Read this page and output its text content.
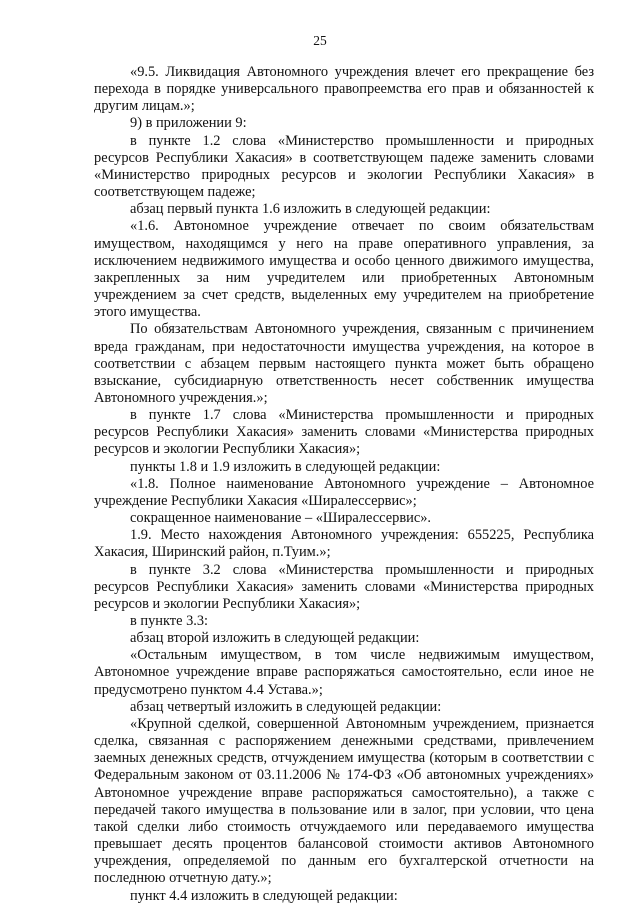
25

«9.5. Ликвидация Автономного учреждения влечет его прекращение без перехода в порядке универсального правопреемства его прав и обязанностей к другим лицам.»;

9) в приложении 9:

в пункте 1.2 слова «Министерство промышленности и природных ресурсов Республики Хакасия» в соответствующем падеже заменить словами «Министерство природных ресурсов и экологии Республики Хакасия» в соответствующем падеже;

абзац первый пункта 1.6 изложить в следующей редакции:

«1.6. Автономное учреждение отвечает по своим обязательствам имуществом, находящимся у него на праве оперативного управления, за исключением недвижимого имущества и особо ценного движимого имущества, закрепленных за ним учредителем или приобретенных Автономным учреждением за счет средств, выделенных ему учредителем на приобретение этого имущества.

По обязательствам Автономного учреждения, связанным с причинением вреда гражданам, при недостаточности имущества учреждения, на которое в соответствии с абзацем первым настоящего пункта может быть обращено взыскание, субсидиарную ответственность несет собственник имущества Автономного учреждения.»;

в пункте 1.7 слова «Министерства промышленности и природных ресурсов Республики Хакасия» заменить словами «Министерства природных ресурсов и экологии Республики Хакасия»;

пункты 1.8 и 1.9 изложить в следующей редакции:

«1.8. Полное наименование Автономного учреждение – Автономное учреждение Республики Хакасия «Ширалессервис»;

сокращенное наименование – «Ширалессервис».

1.9. Место нахождения Автономного учреждения: 655225, Республика Хакасия, Ширинский район, п.Туим.»;

в пункте 3.2 слова «Министерства промышленности и природных ресурсов Республики Хакасия» заменить словами «Министерства природных ресурсов и экологии Республики Хакасия»;

в пункте 3.3:

абзац второй изложить в следующей редакции:

«Остальным имуществом, в том числе недвижимым имуществом, Автономное учреждение вправе распоряжаться самостоятельно, если иное не предусмотрено пунктом 4.4 Устава.»;

абзац четвертый изложить в следующей редакции:

«Крупной сделкой, совершенной Автономным учреждением, признается сделка, связанная с распоряжением денежными средствами, привлечением заемных денежных средств, отчуждением имущества (которым в соответствии с Федеральным законом от 03.11.2006 № 174-ФЗ «Об автономных учреждениях» Автономное учреждение вправе распоряжаться самостоятельно), а также с передачей такого имущества в пользование или в залог, при условии, что цена такой сделки либо стоимость отчуждаемого или передаваемого имущества превышает десять процентов балансовой стоимости активов Автономного учреждения, определяемой по данным его бухгалтерской отчетности на последнюю отчетную дату.»;

пункт 4.4 изложить в следующей редакции:
